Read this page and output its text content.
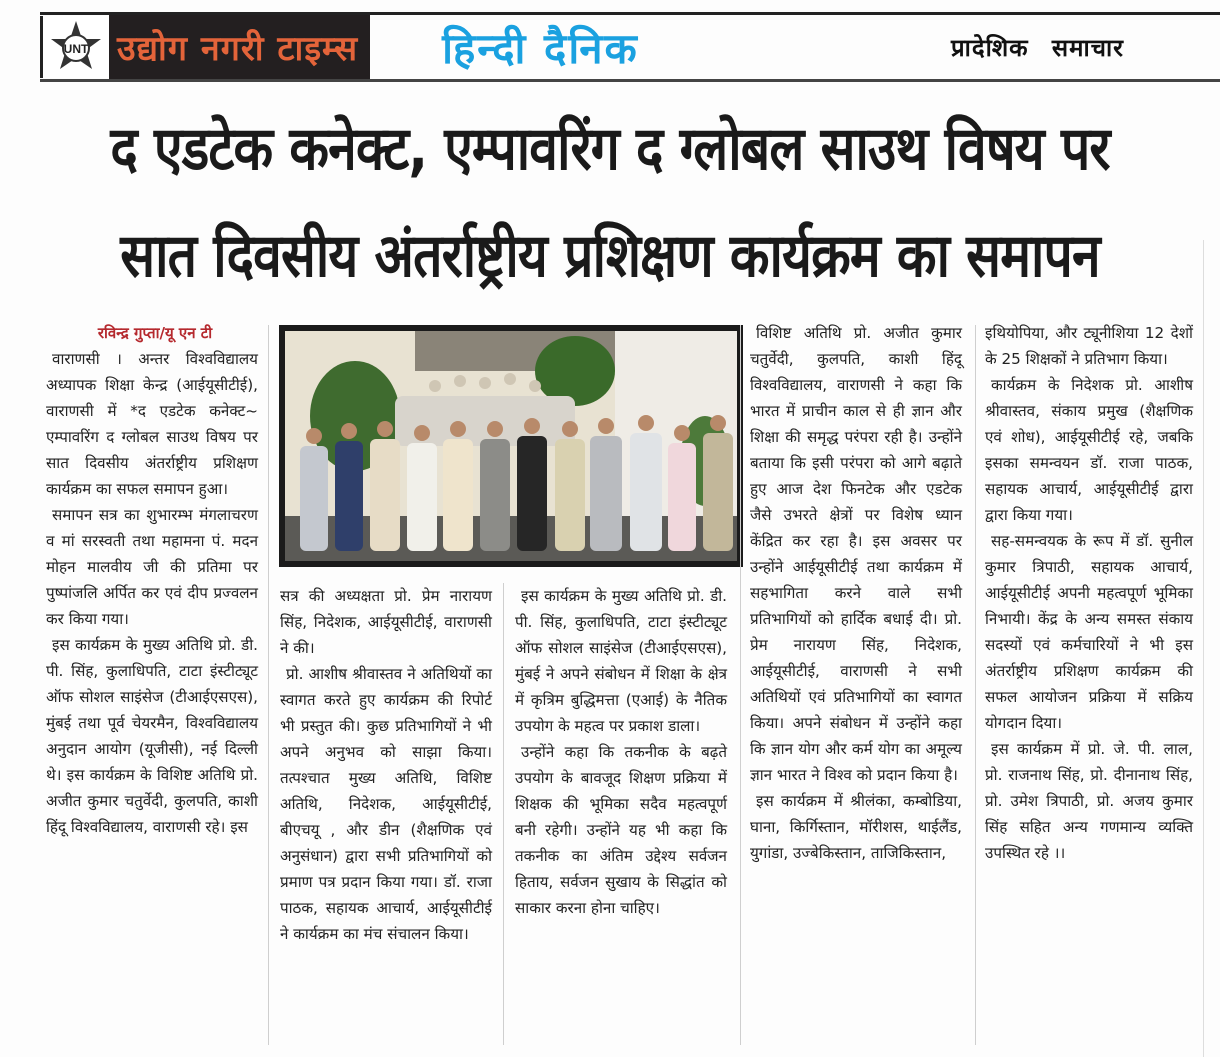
UNT उद्योग नगरी टाइम्स हिन्दी दैनिक	प्रादेशिक समाचार
द एडटेक कनेक्ट, एम्पावरिंग द ग्लोबल साउथ विषय पर
सात दिवसीय अंतर्राष्ट्रीय प्रशिक्षण कार्यक्रम का समापन

रविन्द्र गुप्ता/यू एन टी

वाराणसी । अन्तर विश्वविद्यालय अध्यापक शिक्षा केन्द्र (आईयूसीटीई), वाराणसी में *द एडटेक कनेक्ट~ एम्पावरिंग द ग्लोबल साउथ विषय पर सात दिवसीय अंतर्राष्ट्रीय प्रशिक्षण कार्यक्रम का सफल समापन हुआ।

समापन सत्र का शुभारम्भ मंगलाचरण व मां सरस्वती तथा महामना पं. मदन मोहन मालवीय जी की प्रतिमा पर पुष्पांजलि अर्पित कर एवं दीप प्रज्वलन कर किया गया।

इस कार्यक्रम के मुख्य अतिथि प्रो. डी. पी. सिंह, कुलाधिपति, टाटा इंस्टीट्यूट ऑफ सोशल साइंसेज (टीआईएसएस), मुंबई तथा पूर्व चेयरमैन, विश्वविद्यालय अनुदान आयोग (यूजीसी), नई दिल्ली थे। इस कार्यक्रम के विशिष्ट अतिथि प्रो. अजीत कुमार चतुर्वेदी, कुलपति, काशी हिंदू विश्वविद्यालय, वाराणसी रहे। इस

सत्र की अध्यक्षता प्रो. प्रेम नारायण सिंह, निदेशक, आईयूसीटीई, वाराणसी ने की।

प्रो. आशीष श्रीवास्तव ने अतिथियों का स्वागत करते हुए कार्यक्रम की रिपोर्ट भी प्रस्तुत की। कुछ प्रतिभागियों ने भी अपने अनुभव को साझा किया। तत्पश्चात मुख्य अतिथि, विशिष्ट अतिथि, निदेशक, आईयूसीटीई, बीएचयू , और डीन (शैक्षणिक एवं अनुसंधान) द्वारा सभी प्रतिभागियों को प्रमाण पत्र प्रदान किया गया। डॉ. राजा पाठक, सहायक आचार्य, आईयूसीटीई ने कार्यक्रम का मंच संचालन किया।

इस कार्यक्रम के मुख्य अतिथि प्रो. डी. पी. सिंह, कुलाधिपति, टाटा इंस्टीट्यूट ऑफ सोशल साइंसेज (टीआईएसएस), मुंबई ने अपने संबोधन में शिक्षा के क्षेत्र में कृत्रिम बुद्धिमत्ता (एआई) के नैतिक उपयोग के महत्व पर प्रकाश डाला।

उन्होंने कहा कि तकनीक के बढ़ते उपयोग के बावजूद शिक्षण प्रक्रिया में शिक्षक की भूमिका सदैव महत्वपूर्ण बनी रहेगी। उन्होंने यह भी कहा कि तकनीक का अंतिम उद्देश्य सर्वजन हिताय, सर्वजन सुखाय के सिद्धांत को साकार करना होना चाहिए।

विशिष्ट अतिथि प्रो. अजीत कुमार चतुर्वेदी, कुलपति, काशी हिंदू विश्वविद्यालय, वाराणसी ने कहा कि भारत में प्राचीन काल से ही ज्ञान और शिक्षा की समृद्ध परंपरा रही है। उन्होंने बताया कि इसी परंपरा को आगे बढ़ाते हुए आज देश फिनटेक और एडटेक जैसे उभरते क्षेत्रों पर विशेष ध्यान केंद्रित कर रहा है। इस अवसर पर उन्होंने आईयूसीटीई तथा कार्यक्रम में सहभागिता करने वाले सभी प्रतिभागियों को हार्दिक बधाई दी। प्रो. प्रेम नारायण सिंह, निदेशक, आईयूसीटीई, वाराणसी ने सभी अतिथियों एवं प्रतिभागियों का स्वागत किया। अपने संबोधन में उन्होंने कहा कि ज्ञान योग और कर्म योग का अमूल्य ज्ञान भारत ने विश्व को प्रदान किया है।

इस कार्यक्रम में श्रीलंका, कम्बोडिया, घाना, किर्गिस्तान, मॉरीशस, थाईलैंड, युगांडा, उज्बेकिस्तान, ताजिकिस्तान,

इथियोपिया, और ट्यूनीशिया 12 देशों के 25 शिक्षकों ने प्रतिभाग किया।

कार्यक्रम के निदेशक प्रो. आशीष श्रीवास्तव, संकाय प्रमुख (शैक्षणिक एवं शोध), आईयूसीटीई रहे, जबकि इसका समन्वयन डॉ. राजा पाठक, सहायक आचार्य, आईयूसीटीई द्वारा द्वारा किया गया।

सह-समन्वयक के रूप में डॉ. सुनील कुमार त्रिपाठी, सहायक आचार्य, आईयूसीटीई अपनी महत्वपूर्ण भूमिका निभायी। केंद्र के अन्य समस्त संकाय सदस्यों एवं कर्मचारियों ने भी इस अंतर्राष्ट्रीय प्रशिक्षण कार्यक्रम की सफल आयोजन प्रक्रिया में सक्रिय योगदान दिया।

इस कार्यक्रम में प्रो. जे. पी. लाल, प्रो. राजनाथ सिंह, प्रो. दीनानाथ सिंह, प्रो. उमेश त्रिपाठी, प्रो. अजय कुमार सिंह सहित अन्य गणमान्य व्यक्ति उपस्थित रहे ।।
